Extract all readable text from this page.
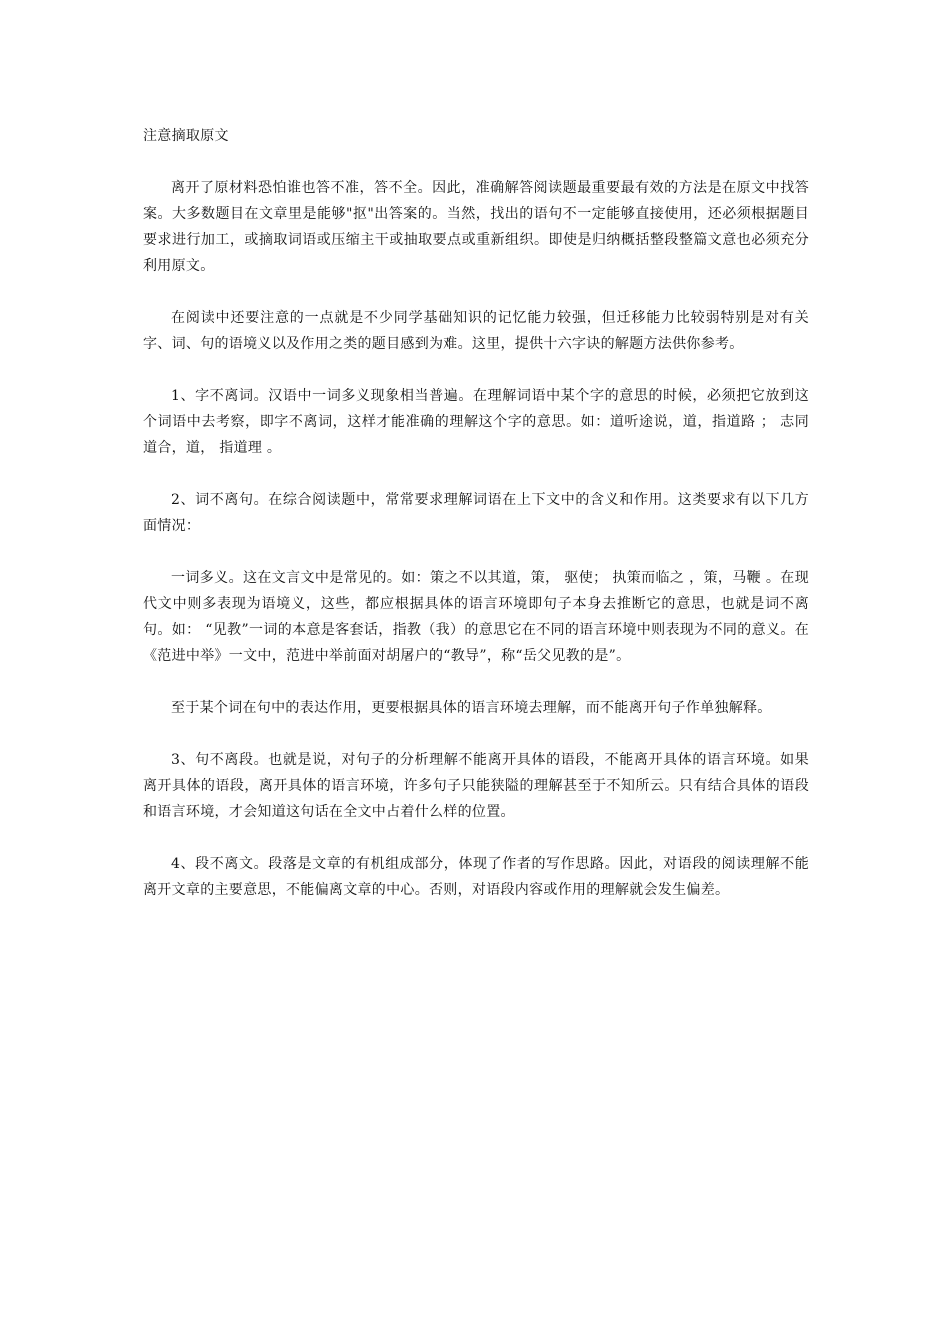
注意摘取原文

离开了原材料恐怕谁也答不准，答不全。因此，准确解答阅读题最重要最有效的方法是在原文中找答案。大多数题目在文章里是能够"抠"出答案的。当然，找出的语句不一定能够直接使用，还必须根据题目要求进行加工，或摘取词语或压缩主干或抽取要点或重新组织。即使是归纳概括整段整篇文意也必须充分利用原文。

在阅读中还要注意的一点就是不少同学基础知识的记忆能力较强，但迁移能力比较弱特别是对有关字、词、句的语境义以及作用之类的题目感到为难。这里，提供十六字诀的解题方法供你参考。

1、字不离词。汉语中一词多义现象相当普遍。在理解词语中某个字的意思的时候，必须把它放到这个词语中去考察，即字不离词，这样才能准确的理解这个字的意思。如：道听途说，道，指道路 ； 志同道合，道， 指道理 。

2、词不离句。在综合阅读题中，常常要求理解词语在上下文中的含义和作用。这类要求有以下几方面情况：

一词多义。这在文言文中是常见的。如：策之不以其道，策， 驱使； 执策而临之 ，策，马鞭 。在现代文中则多表现为语境义，这些，都应根据具体的语言环境即句子本身去推断它的意思，也就是词不离句。如： “见教”一词的本意是客套话，指教（我）的意思它在不同的语言环境中则表现为不同的意义。在《范进中举》一文中，范进中举前面对胡屠户的“教导”，称“岳父见教的是”。

至于某个词在句中的表达作用，更要根据具体的语言环境去理解，而不能离开句子作单独解释。

3、句不离段。也就是说，对句子的分析理解不能离开具体的语段，不能离开具体的语言环境。如果离开具体的语段，离开具体的语言环境，许多句子只能狭隘的理解甚至于不知所云。只有结合具体的语段和语言环境，才会知道这句话在全文中占着什么样的位置。

4、段不离文。段落是文章的有机组成部分，体现了作者的写作思路。因此，对语段的阅读理解不能离开文章的主要意思，不能偏离文章的中心。否则，对语段内容或作用的理解就会发生偏差。
